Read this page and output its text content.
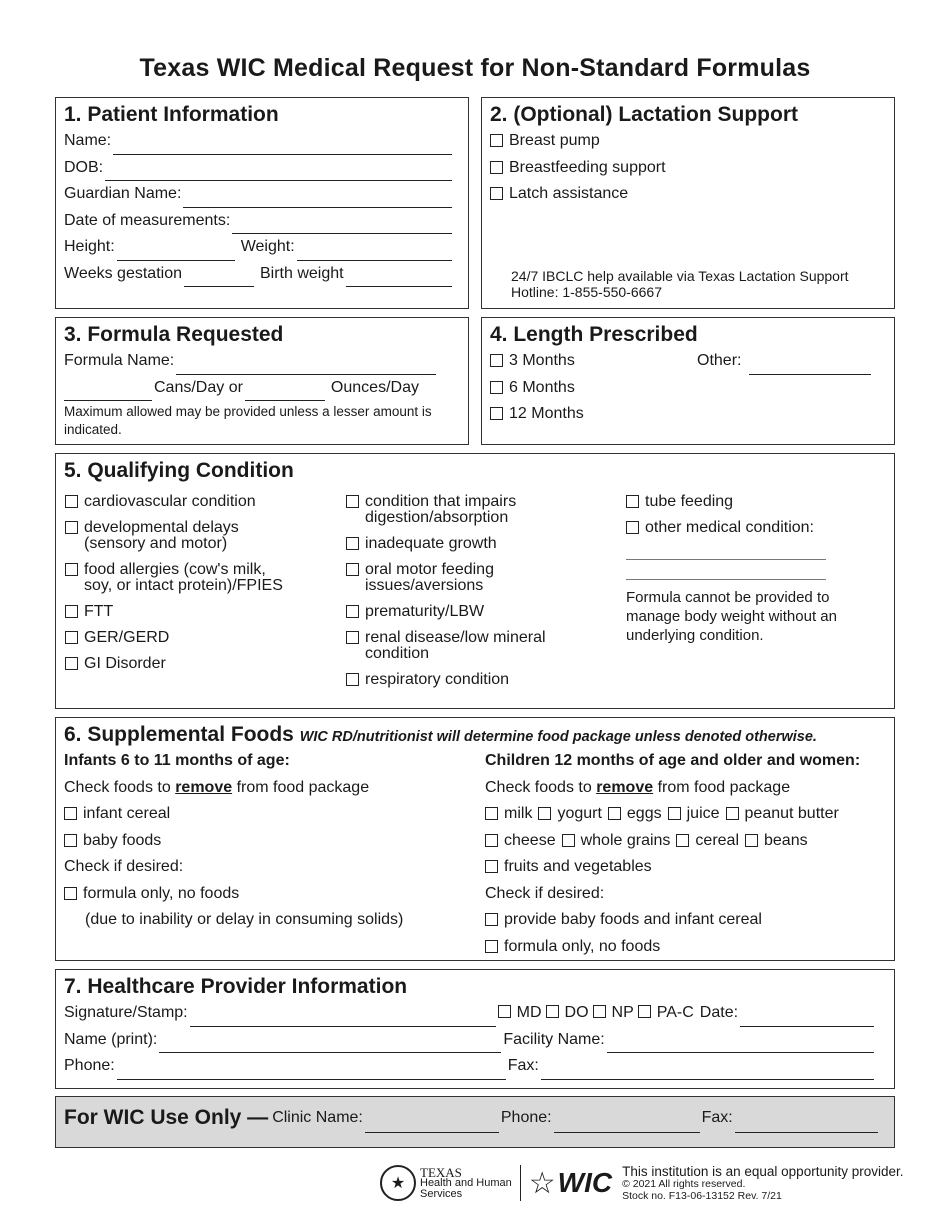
Texas WIC Medical Request for Non-Standard Formulas
1. Patient Information
Name:
DOB:
Guardian Name:
Date of measurements:
Height:	Weight:
Weeks gestation	Birth weight
2. (Optional) Lactation Support
Breast pump
Breastfeeding support
Latch assistance
24/7 IBCLC help available via Texas Lactation Support
Hotline: 1-855-550-6667
3. Formula Requested
Formula Name:
Cans/Day or	Ounces/Day
Maximum allowed may be provided unless a lesser amount is indicated.
4. Length Prescribed
3 Months
6 Months
12 Months
Other:
5. Qualifying Condition
cardiovascular condition
developmental delays
(sensory and motor)
food allergies (cow's milk,
soy, or intact protein)/FPIES
FTT
GER/GERD
GI Disorder
condition that impairs
digestion/absorption
inadequate growth
oral motor feeding
issues/aversions
prematurity/LBW
renal disease/low mineral
condition
respiratory condition
tube feeding
other medical condition:
Formula cannot be provided to manage body weight without an underlying condition.
6. Supplemental Foods WIC RD/nutritionist will determine food package unless denoted otherwise.
Infants 6 to 11 months of age:
Check foods to
remove
from food package
infant cereal
baby foods
Check if desired:
formula only, no foods
(due to inability or delay in consuming solids)
Children 12 months of age and older and women:
Check foods to
remove
from food package
milk yogurt eggs juice peanut butter
cheese whole grains cereal beans
fruits and vegetables
Check if desired:
provide baby foods and infant cereal
formula only, no foods
7. Healthcare Provider Information
Signature/Stamp:	MD DO NP PA-C Date:
Name (print):	Facility Name:
Phone:	Fax:
For WIC Use Only — Clinic Name:	Phone:	Fax:
★
TEXAS
Health and Human
Services	☆ WIC This institution is an equal opportunity provider.
© 2021 All rights reserved.
Stock no. F13-06-13152 Rev. 7/21
